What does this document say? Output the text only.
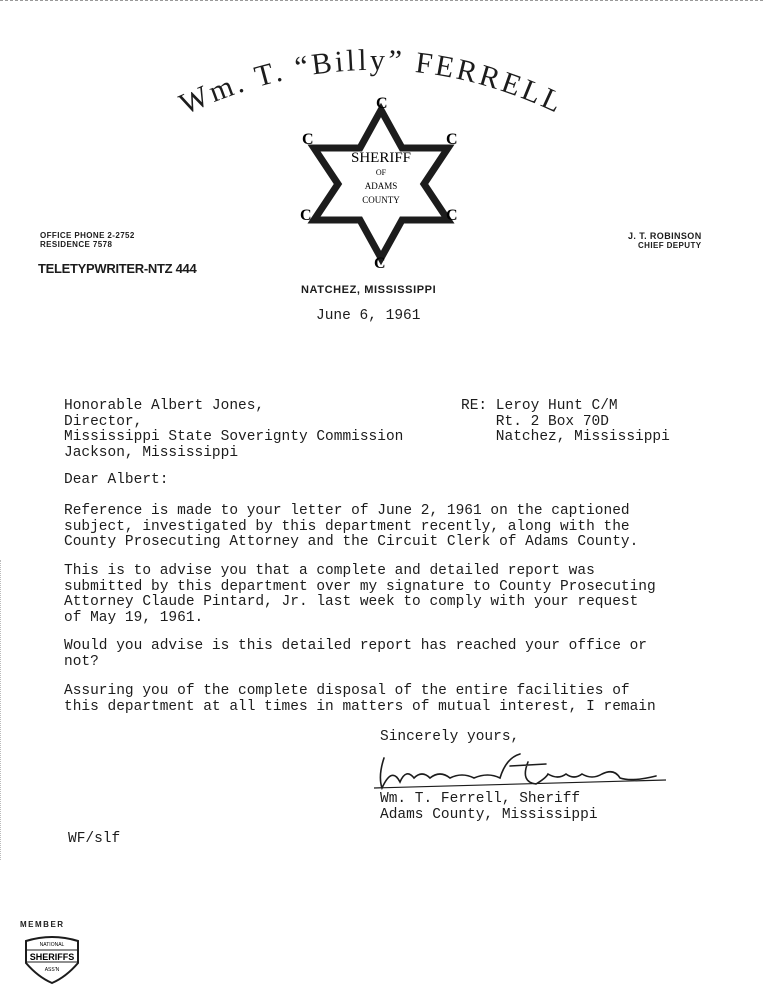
Wm. T. “Billy” FERRELL
C
C
C
C	C
C
SHERIFF
OF
ADAMS
COUNTY
OFFICE PHONE 2-2752
RESIDENCE 7578
TELETYPWRITER-NTZ 444
J. T. ROBINSON
CHIEF DEPUTY
NATCHEZ, MISSISSIPPI
June 6, 1961
Honorable Albert Jones,
Director,
Mississippi State Soverignty Commission
Jackson, Mississippi
RE: Leroy Hunt C/M
Rt. 2 Box 70D
Natchez, Mississippi
Dear Albert:
Reference is made to your letter of June 2, 1961 on the captioned
subject, investigated by this department recently, along with the
County Prosecuting Attorney and the Circuit Clerk of Adams County.
This is to advise you that a complete and detailed report was
submitted by this department over my signature to County Prosecuting
Attorney Claude Pintard, Jr. last week to comply with your request
of May 19, 1961.
Would you advise is this detailed report has reached your office or
not?
Assuring you of the complete disposal of the entire facilities of
this department at all times in matters of mutual interest, I remain
Sincerely yours,
Wm. T. Ferrell, Sheriff
Adams County, Mississippi
WF/slf
MEMBER
NATIONAL
SHERIFFS
ASS'N
